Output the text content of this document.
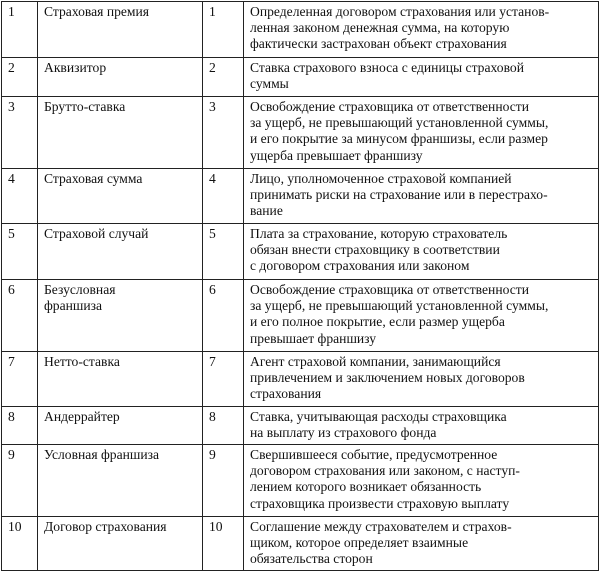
1	Страховая премия	1	Определенная договором страхования или установ-
ленная законом денежная сумма, на которую
фактически застрахован объект страхования
2	Аквизитор	2	Ставка страхового взноса с единицы страховой
суммы
3	Брутто-ставка	3	Освобождение страховщика от ответственности
за ущерб, не превышающий установленной суммы,
и его покрытие за минусом франшизы, если размер
ущерба превышает франшизу
4	Страховая сумма	4	Лицо, уполномоченное страховой компанией
принимать риски на страхование или в перестрахо-
вание
5	Страховой случай	5	Плата за страхование, которую страхователь
обязан внести страховщику в соответствии
с договором страхования или законом
6	Безусловная
франшиза	6	Освобождение страховщика от ответственности
за ущерб, не превышающий установленной суммы,
и его полное покрытие, если размер ущерба
превышает франшизу
7	Нетто-ставка	7	Агент страховой компании, занимающийся
привлечением и заключением новых договоров
страхования
8	Андеррайтер	8	Ставка, учитывающая расходы страховщика
на выплату из страхового фонда
9	Условная франшиза	9	Свершившееся событие, предусмотренное
договором страхования или законом, с наступ-
лением которого возникает обязанность
страховщика произвести страховую выплату
10	Договор страхования	10	Соглашение между страхователем и страхов-
щиком, которое определяет взаимные
обязательства сторон
